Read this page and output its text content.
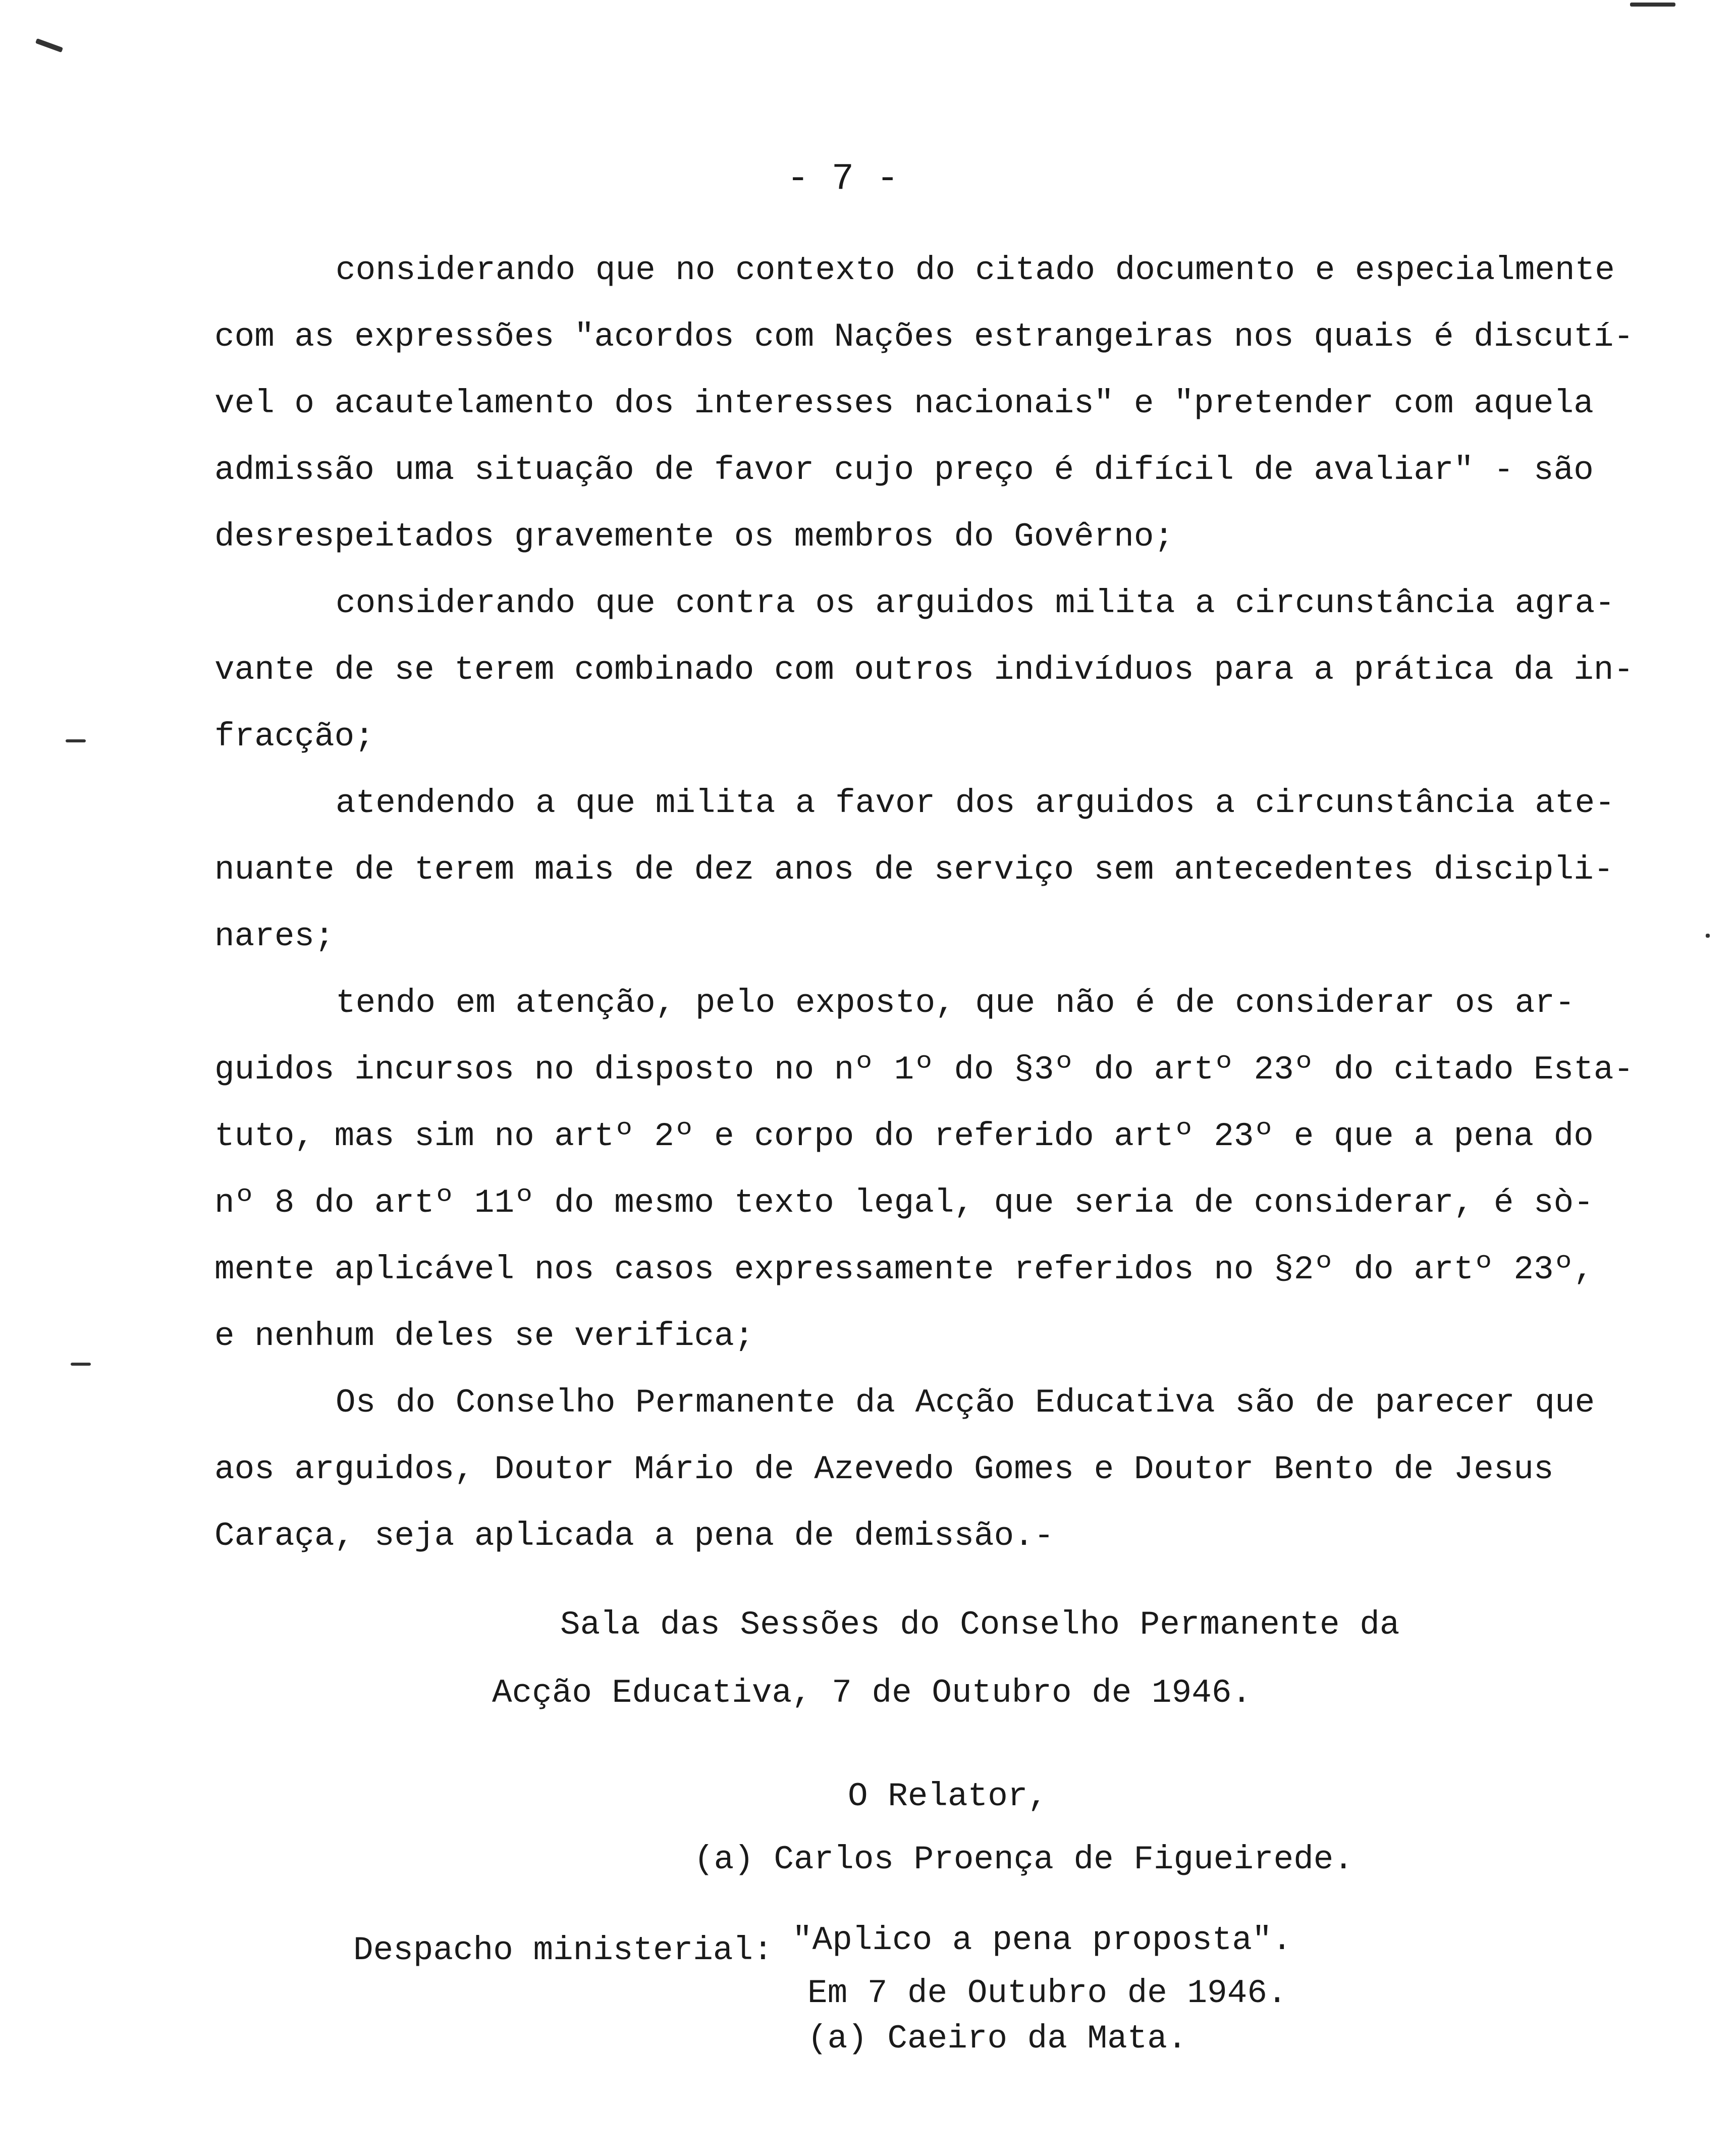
- 7 -
considerando que no contexto do citado documento e especialmente
com as expressões "acordos com Nações estrangeiras nos quais é discutí-
vel o acautelamento dos interesses nacionais" e "pretender com aquela
admissão uma situação de favor cujo preço é difícil de avaliar" - são
desrespeitados gravemente os membros do Govêrno;
considerando que contra os arguidos milita a circunstância agra-
vante de se terem combinado com outros indivíduos para a prática da in-
fracção;
atendendo a que milita a favor dos arguidos a circunstância ate-
nuante de terem mais de dez anos de serviço sem antecedentes discipli-
nares;
tendo em atenção, pelo exposto, que não é de considerar os ar-
guidos incursos no disposto no nº 1º do §3º do artº 23º do citado Esta-
tuto, mas sim no artº 2º e corpo do referido artº 23º e que a pena do
nº 8 do artº 11º do mesmo texto legal, que seria de considerar, é sò-
mente aplicável nos casos expressamente referidos no §2º do artº 23º,
e nenhum deles se verifica;
Os do Conselho Permanente da Acção Educativa são de parecer que
aos arguidos, Doutor Mário de Azevedo Gomes e Doutor Bento de Jesus
Caraça, seja aplicada a pena de demissão.-
Sala das Sessões do Conselho Permanente da
Acção Educativa, 7 de Outubro de 1946.
O Relator,
(a) Carlos Proença de Figueirede.
Despacho ministerial: "Aplico a pena proposta".
Em 7 de Outubro de 1946.
(a) Caeiro da Mata.
